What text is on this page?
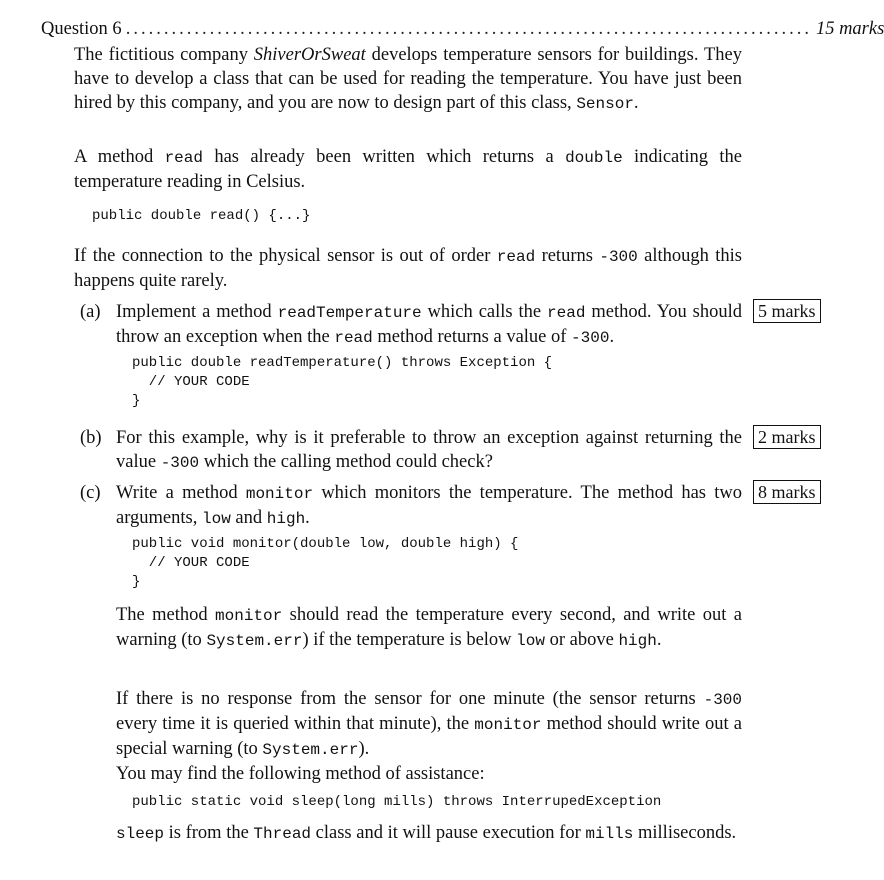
Question 6 .......................................................................................... 15 marks
The fictitious company ShiverOrSweat develops temperature sensors for buildings. They have to develop a class that can be used for reading the temperature. You have just been hired by this company, and you are now to design part of this class, Sensor.
A method read has already been written which returns a double indicating the temperature reading in Celsius.
public double read() {...}
If the connection to the physical sensor is out of order read returns -300 although this happens quite rarely.
(a) Implement a method readTemperature which calls the read method. You should throw an exception when the read method returns a value of -300.
5 marks
public double readTemperature() throws Exception {
// YOUR CODE
}
(b) For this example, why is it preferable to throw an exception against returning the value -300 which the calling method could check?
2 marks
(c) Write a method monitor which monitors the temperature. The method has two arguments, low and high.
8 marks
public void monitor(double low, double high) {
// YOUR CODE
}
The method monitor should read the temperature every second, and write out a warning (to System.err) if the temperature is below low or above high.
If there is no response from the sensor for one minute (the sensor returns -300 every time it is queried within that minute), the monitor method should write out a special warning (to System.err).
You may find the following method of assistance:
public static void sleep(long mills) throws InterrupedException
sleep is from the Thread class and it will pause execution for mills milliseconds.
